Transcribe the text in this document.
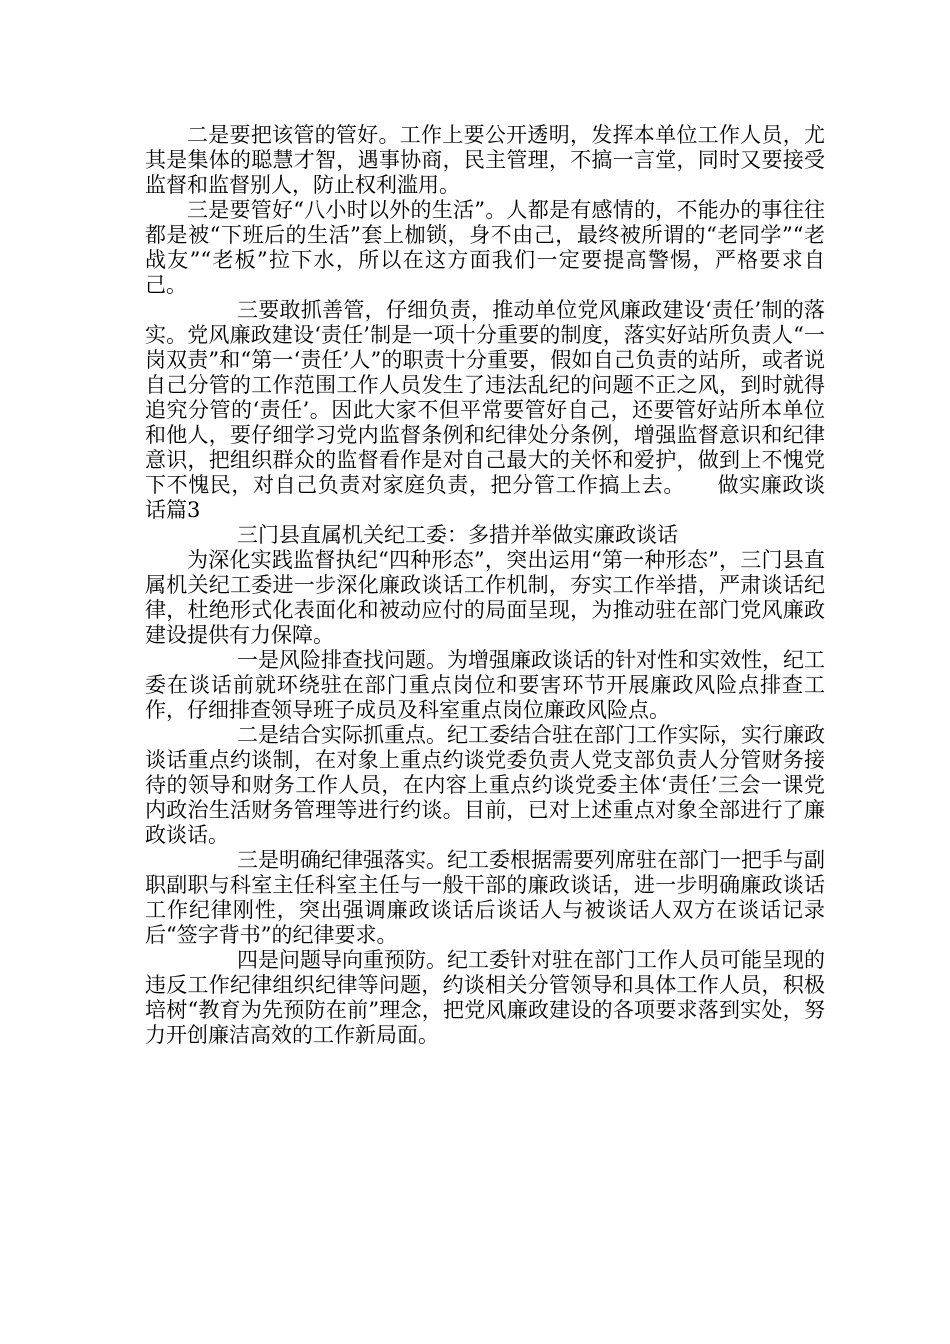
二是要把该管的管好。工作上要公开透明，发挥本单位工作人员，尤其是集体的聪慧才智，遇事协商，民主管理，不搞一言堂，同时又要接受监督和监督别人，防止权利滥用。

三是要管好“八小时以外的生活”。人都是有感情的，不能办的事往往都是被“下班后的生活”套上枷锁，身不由己，最终被所谓的“老同学”“老战友”“老板”拉下水，所以在这方面我们一定要提高警惕，严格要求自己。

三要敢抓善管，仔细负责，推动单位党风廉政建设‘责任’制的落实。党风廉政建设‘责任’制是一项十分重要的制度，落实好站所负责人“一岗双责”和“第一‘责任’人”的职责十分重要，假如自己负责的站所，或者说自己分管的工作范围工作人员发生了违法乱纪的问题不正之风，到时就得追究分管的‘责任’。因此大家不但平常要管好自己，还要管好站所本单位和他人，要仔细学习党内监督条例和纪律处分条例，增强监督意识和纪律意识，把组织群众的监督看作是对自己最大的关怀和爱护，做到上不愧党下不愧民，对自己负责对家庭负责，把分管工作搞上去。　　做实廉政谈话篇3

三门县直属机关纪工委：多措并举做实廉政谈话

为深化实践监督执纪“四种形态”，突出运用“第一种形态”，三门县直属机关纪工委进一步深化廉政谈话工作机制，夯实工作举措，严肃谈话纪律，杜绝形式化表面化和被动应付的局面呈现，为推动驻在部门党风廉政建设提供有力保障。

一是风险排查找问题。为增强廉政谈话的针对性和实效性，纪工委在谈话前就环绕驻在部门重点岗位和要害环节开展廉政风险点排查工作，仔细排查领导班子成员及科室重点岗位廉政风险点。

二是结合实际抓重点。纪工委结合驻在部门工作实际，实行廉政谈话重点约谈制，在对象上重点约谈党委负责人党支部负责人分管财务接待的领导和财务工作人员，在内容上重点约谈党委主体‘责任’三会一课党内政治生活财务管理等进行约谈。目前，已对上述重点对象全部进行了廉政谈话。

三是明确纪律强落实。纪工委根据需要列席驻在部门一把手与副职副职与科室主任科室主任与一般干部的廉政谈话，进一步明确廉政谈话工作纪律刚性，突出强调廉政谈话后谈话人与被谈话人双方在谈话记录后“签字背书”的纪律要求。

四是问题导向重预防。纪工委针对驻在部门工作人员可能呈现的违反工作纪律组织纪律等问题，约谈相关分管领导和具体工作人员，积极培树“教育为先预防在前”理念，把党风廉政建设的各项要求落到实处，努力开创廉洁高效的工作新局面。
